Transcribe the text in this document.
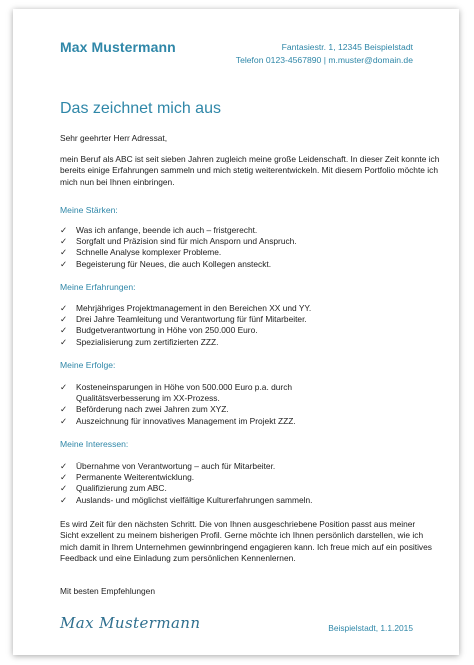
Max Mustermann	Fantasiestr. 1, 12345 Beispielstadt
Telefon 0123-4567890 | m.muster@domain.de
Das zeichnet mich aus
Sehr geehrter Herr Adressat,
mein Beruf als ABC ist seit sieben Jahren zugleich meine große Leidenschaft. In dieser Zeit konnte ich bereits einige Erfahrungen sammeln und mich stetig weiterentwickeln. Mit diesem Portfolio möchte ich mich nun bei Ihnen einbringen.
Meine Stärken:
✓ Was ich anfange, beende ich auch – fristgerecht.
✓ Sorgfalt und Präzision sind für mich Ansporn und Anspruch.
✓ Schnelle Analyse komplexer Probleme.
✓ Begeisterung für Neues, die auch Kollegen ansteckt.
Meine Erfahrungen:
✓ Mehrjähriges Projektmanagement in den Bereichen XX und YY.
✓ Drei Jahre Teamleitung und Verantwortung für fünf Mitarbeiter.
✓ Budgetverantwortung in Höhe von 250.000 Euro.
✓ Spezialisierung zum zertifizierten ZZZ.
Meine Erfolge:
✓ Kosteneinsparungen in Höhe von 500.000 Euro p.a. durch Qualitätsverbesserung im XX-Prozess.
✓ Beförderung nach zwei Jahren zum XYZ.
✓ Auszeichnung für innovatives Management im Projekt ZZZ.
Meine Interessen:
✓ Übernahme von Verantwortung – auch für Mitarbeiter.
✓ Permanente Weiterentwicklung.
✓ Qualifizierung zum ABC.
✓ Auslands- und möglichst vielfältige Kulturerfahrungen sammeln.
Es wird Zeit für den nächsten Schritt. Die von Ihnen ausgeschriebene Position passt aus meiner Sicht exzellent zu meinem bisherigen Profil. Gerne möchte ich Ihnen persönlich darstellen, wie ich mich damit in Ihrem Unternehmen gewinnbringend engagieren kann. Ich freue mich auf ein positives Feedback und eine Einladung zum persönlichen Kennenlernen.
Mit besten Empfehlungen
Max Mustermann	Beispielstadt, 1.1.2015
